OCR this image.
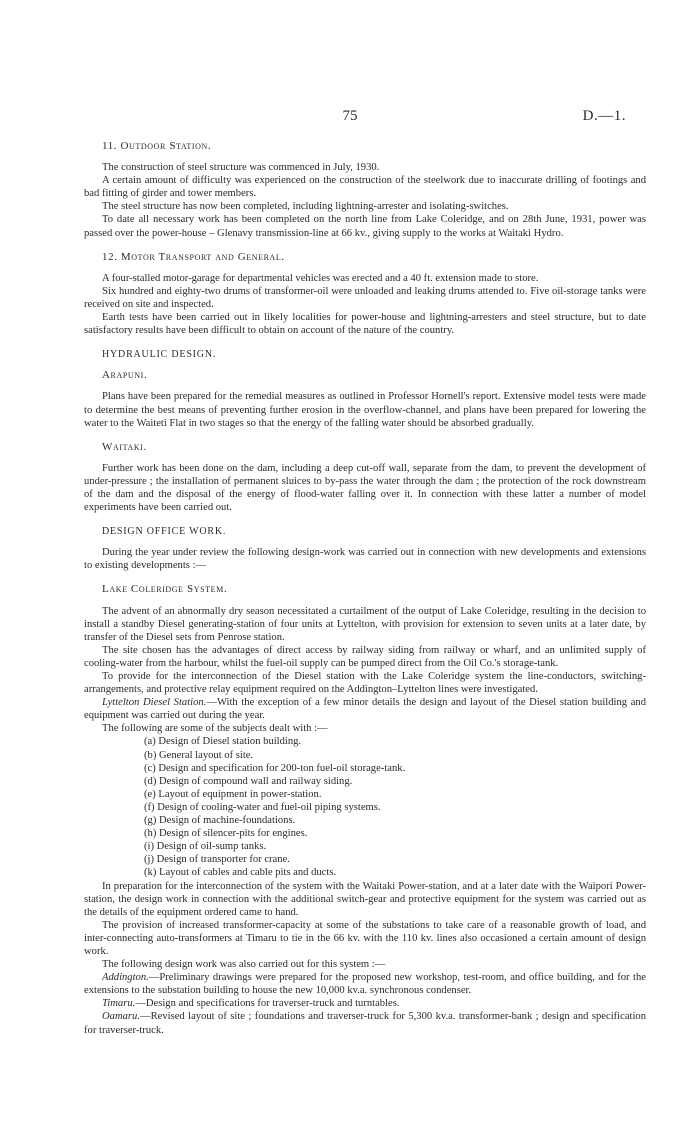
75	D.—1.

11. Outdoor Station.

The construction of steel structure was commenced in July, 1930.

A certain amount of difficulty was experienced on the construction of the steelwork due to inaccurate drilling of footings and bad fitting of girder and tower members.

The steel structure has now been completed, including lightning-arrester and isolating-switches.

To date all necessary work has been completed on the north line from Lake Coleridge, and on 28th June, 1931, power was passed over the power-house – Glenavy transmission-line at 66 kv., giving supply to the works at Waitaki Hydro.

12. Motor Transport and General.

A four-stalled motor-garage for departmental vehicles was erected and a 40 ft. extension made to store.

Six hundred and eighty-two drums of transformer-oil were unloaded and leaking drums attended to. Five oil-storage tanks were received on site and inspected.

Earth tests have been carried out in likely localities for power-house and lightning-arresters and steel structure, but to date satisfactory results have been difficult to obtain on account of the nature of the country.

HYDRAULIC DESIGN.

Arapuni.

Plans have been prepared for the remedial measures as outlined in Professor Hornell's report. Extensive model tests were made to determine the best means of preventing further erosion in the overflow-channel, and plans have been prepared for lowering the water to the Waiteti Flat in two stages so that the energy of the falling water should be absorbed gradually.

Waitaki.

Further work has been done on the dam, including a deep cut-off wall, separate from the dam, to prevent the development of under-pressure ; the installation of permanent sluices to by-pass the water through the dam ; the protection of the rock downstream of the dam and the disposal of the energy of flood-water falling over it. In connection with these latter a number of model experiments have been carried out.

DESIGN OFFICE WORK.

During the year under review the following design-work was carried out in connection with new developments and extensions to existing developments :—

Lake Coleridge System.

The advent of an abnormally dry season necessitated a curtailment of the output of Lake Coleridge, resulting in the decision to install a standby Diesel generating-station of four units at Lyttelton, with provision for extension to seven units at a later date, by transfer of the Diesel sets from Penrose station.

The site chosen has the advantages of direct access by railway siding from railway or wharf, and an unlimited supply of cooling-water from the harbour, whilst the fuel-oil supply can be pumped direct from the Oil Co.'s storage-tank.

To provide for the interconnection of the Diesel station with the Lake Coleridge system the line-conductors, switching-arrangements, and protective relay equipment required on the Addington–Lyttelton lines were investigated.

Lyttelton Diesel Station.—With the exception of a few minor details the design and layout of the Diesel station building and equipment was carried out during the year.

The following are some of the subjects dealt with :—

(a) Design of Diesel station building.
(b) General layout of site.
(c) Design and specification for 200-ton fuel-oil storage-tank.
(d) Design of compound wall and railway siding.
(e) Layout of equipment in power-station.
(f) Design of cooling-water and fuel-oil piping systems.
(g) Design of machine-foundations.
(h) Design of silencer-pits for engines.
(i) Design of oil-sump tanks.
(j) Design of transporter for crane.
(k) Layout of cables and cable pits and ducts.

In preparation for the interconnection of the system with the Waitaki Power-station, and at a later date with the Waipori Power-station, the design work in connection with the additional switch-gear and protective equipment for the system was carried out as the details of the equipment ordered came to hand.

The provision of increased transformer-capacity at some of the substations to take care of a reasonable growth of load, and inter-connecting auto-transformers at Timaru to tie in the 66 kv. with the 110 kv. lines also occasioned a certain amount of design work.

The following design work was also carried out for this system :—

Addington.—Preliminary drawings were prepared for the proposed new workshop, test-room, and office building, and for the extensions to the substation building to house the new 10,000 kv.a. synchronous condenser.

Timaru.—Design and specifications for traverser-truck and turntables.

Oamaru.—Revised layout of site ; foundations and traverser-truck for 5,300 kv.a. transformer-bank ; design and specification for traverser-truck.
